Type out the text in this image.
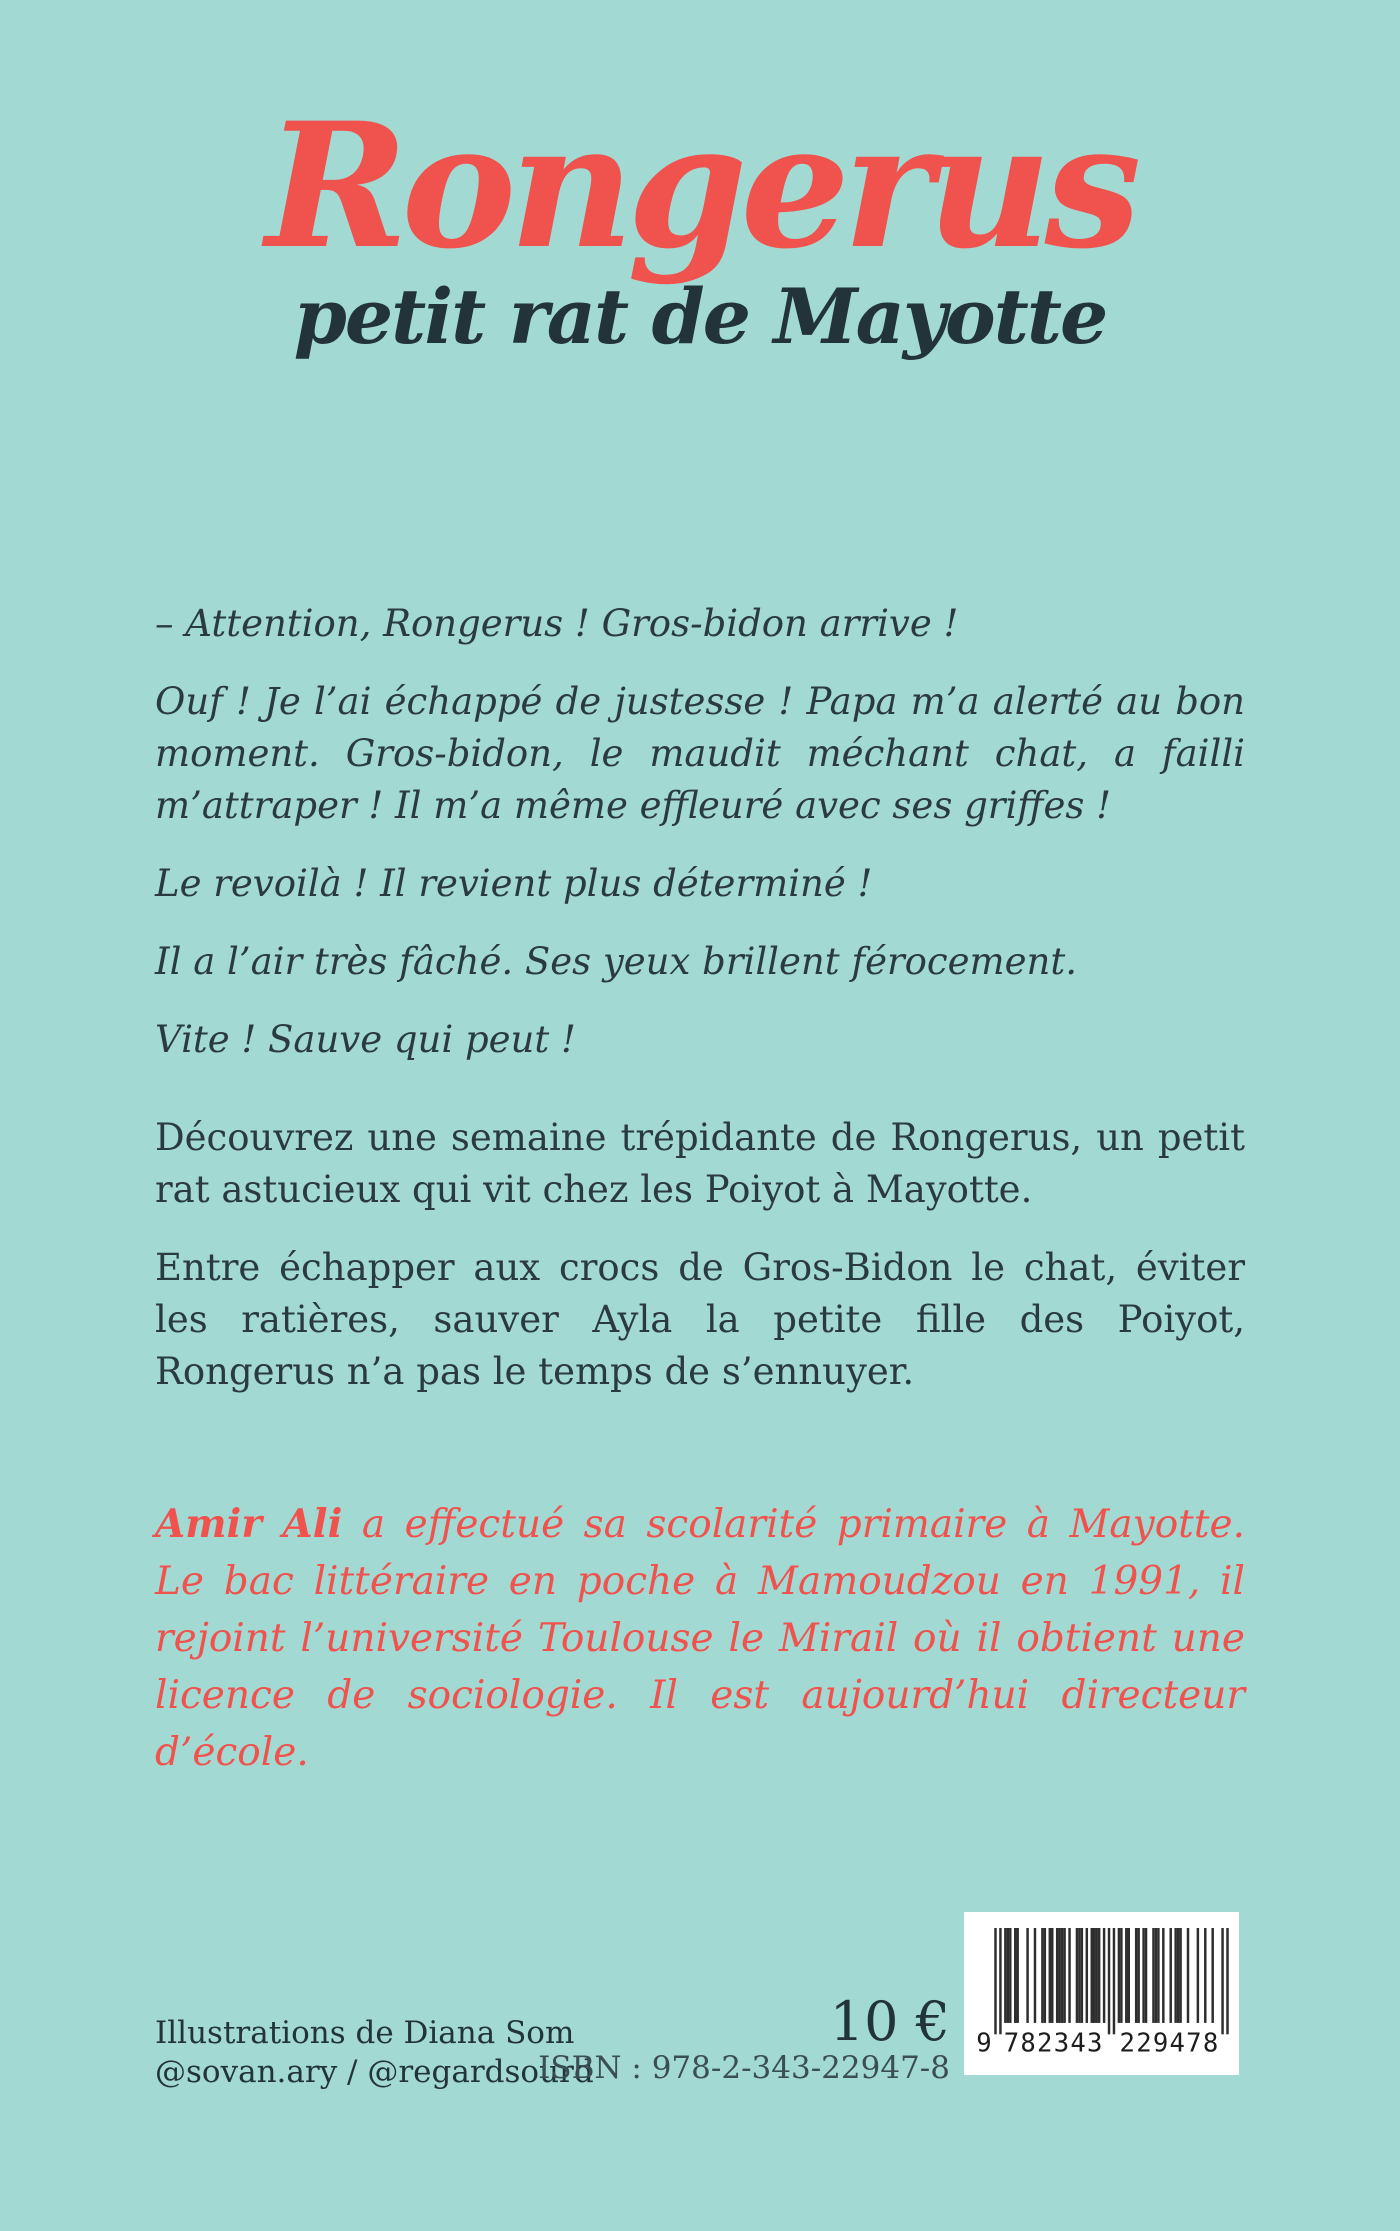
Rongerus
petit rat de Mayotte

– Attention, Rongerus ! Gros-bidon arrive !

Ouf ! Je l’ai échappé de justesse ! Papa m’a alerté au bon moment. Gros-bidon, le maudit méchant chat, a failli m’attraper ! Il m’a même effleuré avec ses griffes !

Le revoilà ! Il revient plus déterminé !

Il a l’air très fâché. Ses yeux brillent férocement.

Vite ! Sauve qui peut !

Découvrez une semaine trépidante de Rongerus, un petit rat astucieux qui vit chez les Poiyot à Mayotte.

Entre échapper aux crocs de Gros-Bidon le chat, éviter les ratières, sauver Ayla la petite fille des Poiyot, Rongerus n’a pas le temps de s’ennuyer.

Amir Ali a effectué sa scolarité primaire à Mayotte. Le bac littéraire en poche à Mamoudzou en 1991, il rejoint l’université Toulouse le Mirail où il obtient une licence de sociologie. Il est aujourd’hui directeur d’école.

Illustrations de Diana Som
@sovan.ary / @regardsourd
10 €
ISBN : 978-2-343-22947-8
9 782343 229478
